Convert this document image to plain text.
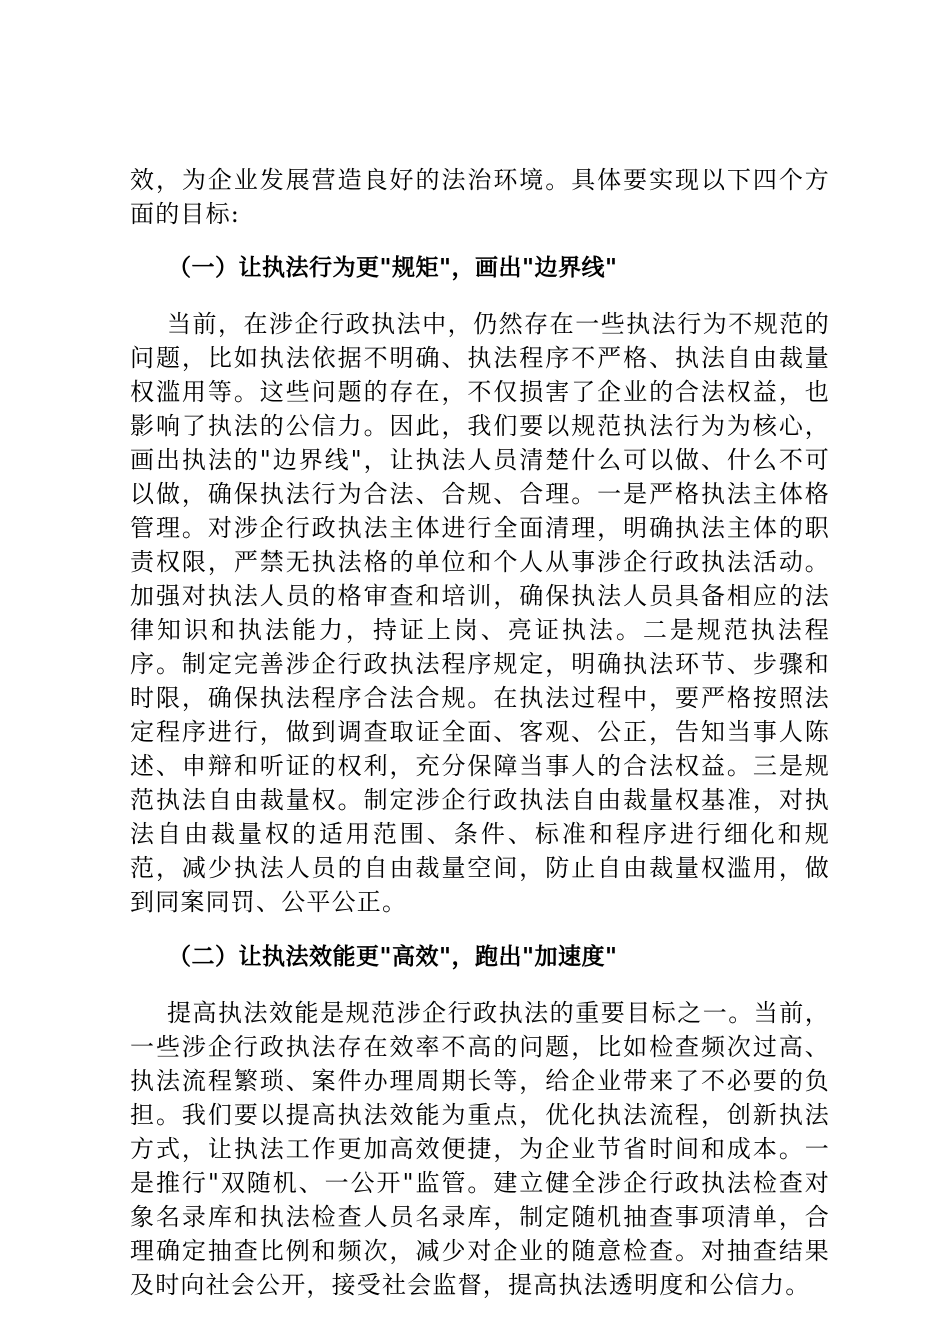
效，为企业发展营造良好的法治环境。具体要实现以下四个方面的目标:

（一）让执法行为更"规矩"，画出"边界线"

当前，在涉企行政执法中，仍然存在一些执法行为不规范的问题，比如执法依据不明确、执法程序不严格、执法自由裁量权滥用等。这些问题的存在，不仅损害了企业的合法权益，也影响了执法的公信力。因此，我们要以规范执法行为为核心，画出执法的"边界线"，让执法人员清楚什么可以做、什么不可以做，确保执法行为合法、合规、合理。一是严格执法主体格管理。对涉企行政执法主体进行全面清理，明确执法主体的职责权限，严禁无执法格的单位和个人从事涉企行政执法活动。加强对执法人员的格审查和培训，确保执法人员具备相应的法律知识和执法能力，持证上岗、亮证执法。二是规范执法程序。制定完善涉企行政执法程序规定，明确执法环节、步骤和时限，确保执法程序合法合规。在执法过程中，要严格按照法定程序进行，做到调查取证全面、客观、公正，告知当事人陈述、申辩和听证的权利，充分保障当事人的合法权益。三是规范执法自由裁量权。制定涉企行政执法自由裁量权基准，对执法自由裁量权的适用范围、条件、标准和程序进行细化和规范，减少执法人员的自由裁量空间，防止自由裁量权滥用，做到同案同罚、公平公正。

（二）让执法效能更"高效"，跑出"加速度"

提高执法效能是规范涉企行政执法的重要目标之一。当前，一些涉企行政执法存在效率不高的问题，比如检查频次过高、执法流程繁琐、案件办理周期长等，给企业带来了不必要的负担。我们要以提高执法效能为重点，优化执法流程，创新执法方式，让执法工作更加高效便捷，为企业节省时间和成本。一是推行"双随机、一公开"监管。建立健全涉企行政执法检查对象名录库和执法检查人员名录库，制定随机抽查事项清单，合理确定抽查比例和频次，减少对企业的随意检查。对抽查结果及时向社会公开，接受社会监督，提高执法透明度和公信力。
